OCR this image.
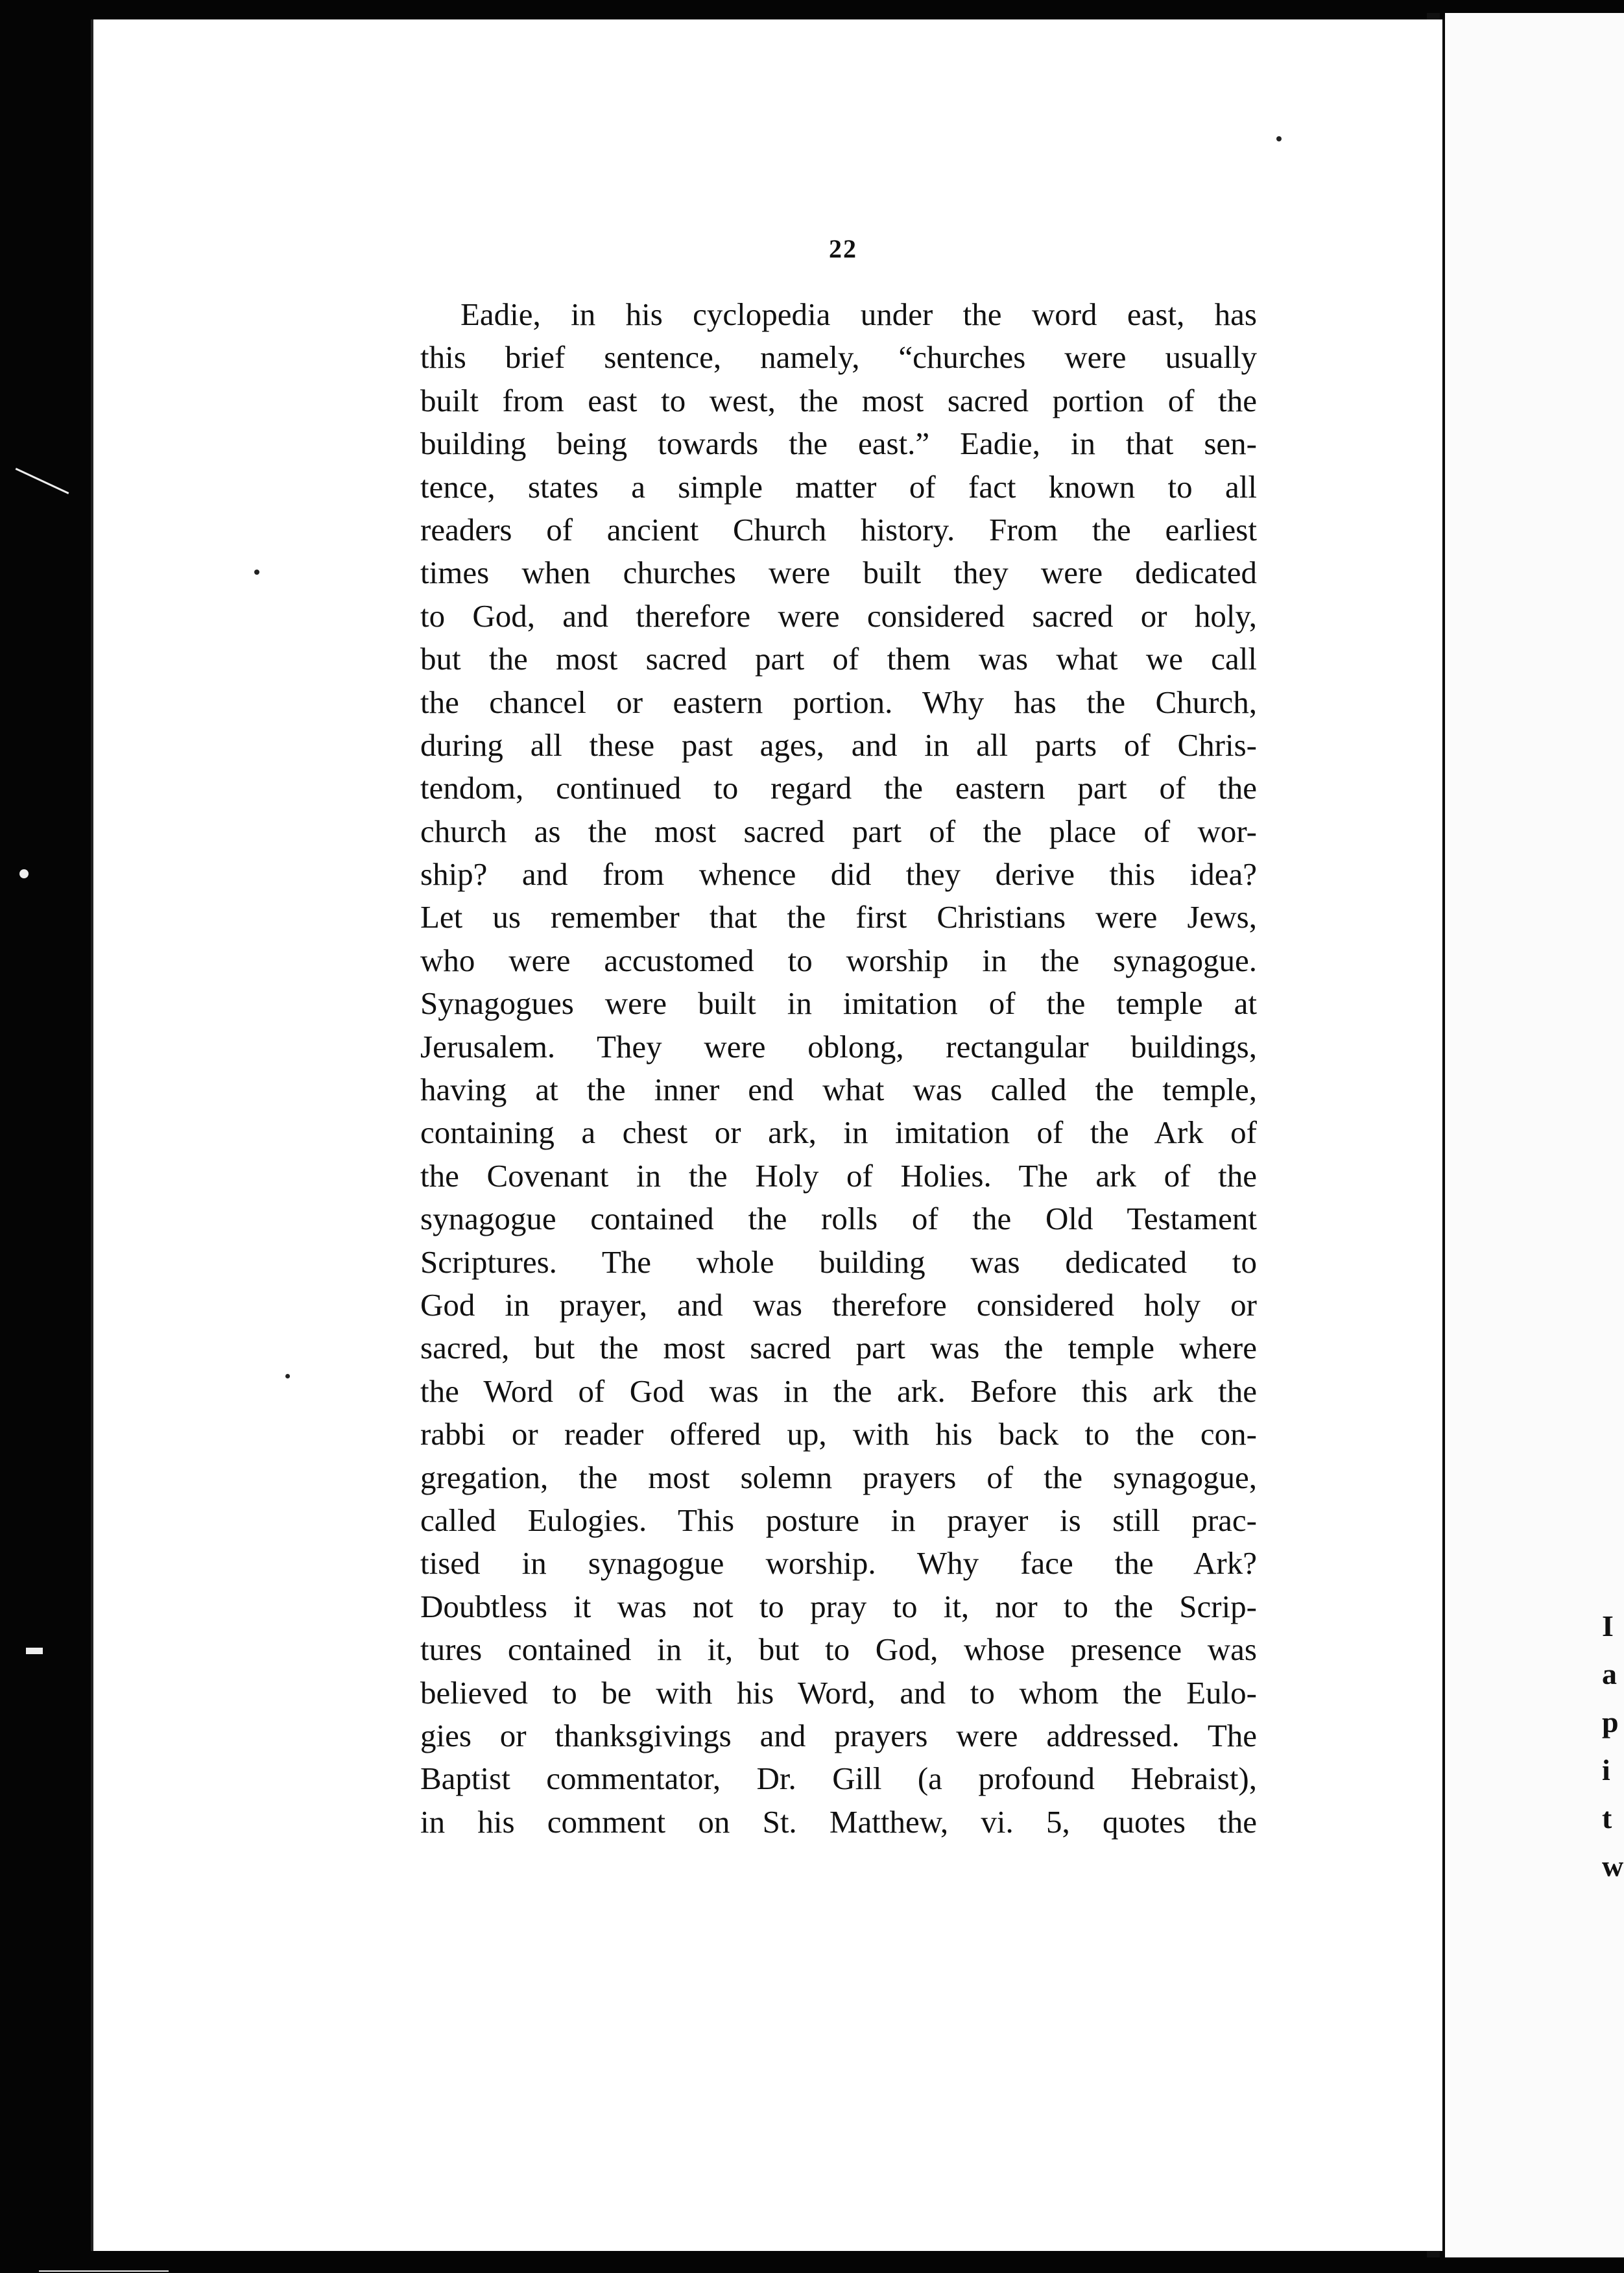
I
a
p
i
t
w
22
Eadie, in his cyclopedia under the word east, has
this brief sentence, namely, “churches were usually
built from east to west, the most sacred portion of the
building being towards the east.” Eadie, in that sen-
tence, states a simple matter of fact known to all
readers of ancient Church history. From the earliest
times when churches were built they were dedicated
to God, and therefore were considered sacred or holy,
but the most sacred part of them was what we call
the chancel or eastern portion. Why has the Church,
during all these past ages, and in all parts of Chris-
tendom, continued to regard the eastern part of the
church as the most sacred part of the place of wor-
ship? and from whence did they derive this idea?
Let us remember that the first Christians were Jews,
who were accustomed to worship in the synagogue.
Synagogues were built in imitation of the temple at
Jerusalem. They were oblong, rectangular buildings,
having at the inner end what was called the temple,
containing a chest or ark, in imitation of the Ark of
the Covenant in the Holy of Holies. The ark of the
synagogue contained the rolls of the Old Testament
Scriptures. The whole building was dedicated to
God in prayer, and was therefore considered holy or
sacred, but the most sacred part was the temple where
the Word of God was in the ark. Before this ark the
rabbi or reader offered up, with his back to the con-
gregation, the most solemn prayers of the synagogue,
called Eulogies. This posture in prayer is still prac-
tised in synagogue worship. Why face the Ark?
Doubtless it was not to pray to it, nor to the Scrip-
tures contained in it, but to God, whose presence was
believed to be with his Word, and to whom the Eulo-
gies or thanksgivings and prayers were addressed. The
Baptist commentator, Dr. Gill (a profound Hebraist),
in his comment on St. Matthew, vi. 5, quotes the
